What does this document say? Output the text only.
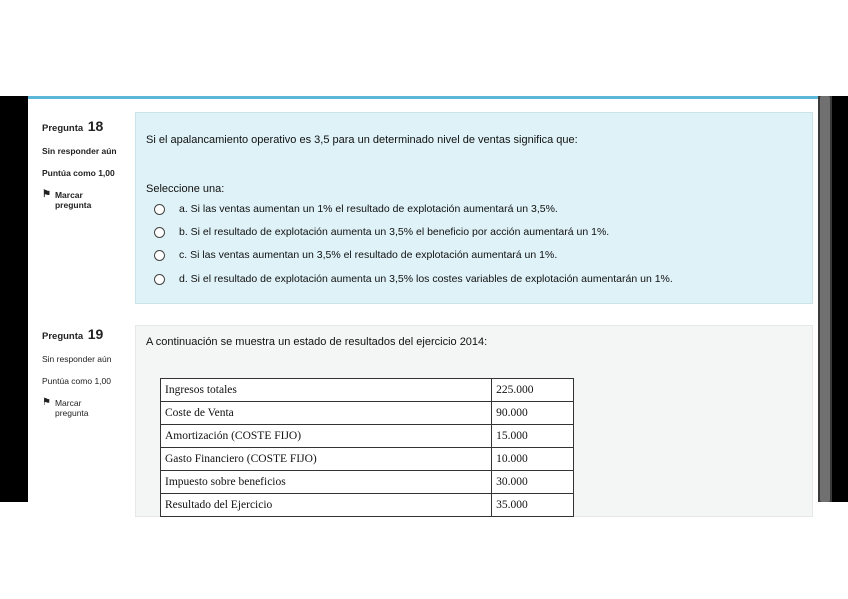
Pregunta 18
Sin responder aún
Puntúa como 1,00
⚑ Marcar
pregunta
Si el apalancamiento operativo es 3,5 para un determinado nivel de ventas significa que:
Seleccione una:
a. Si las ventas aumentan un 1% el resultado de explotación aumentará un 3,5%.
b. Si el resultado de explotación aumenta un 3,5% el beneficio por acción aumentará un 1%.
c. Si las ventas aumentan un 3,5% el resultado de explotación aumentará un 1%.
d. Si el resultado de explotación aumenta un 3,5% los costes variables de explotación aumentarán un 1%.
Pregunta 19
Sin responder aún
Puntúa como 1,00
⚑ Marcar
pregunta
A continuación se muestra un estado de resultados del ejercicio 2014:
Ingresos totales	225.000
Coste de Venta	90.000
Amortización (COSTE FIJO)	15.000
Gasto Financiero (COSTE FIJO)	10.000
Impuesto sobre beneficios	30.000
Resultado del Ejercicio	35.000
